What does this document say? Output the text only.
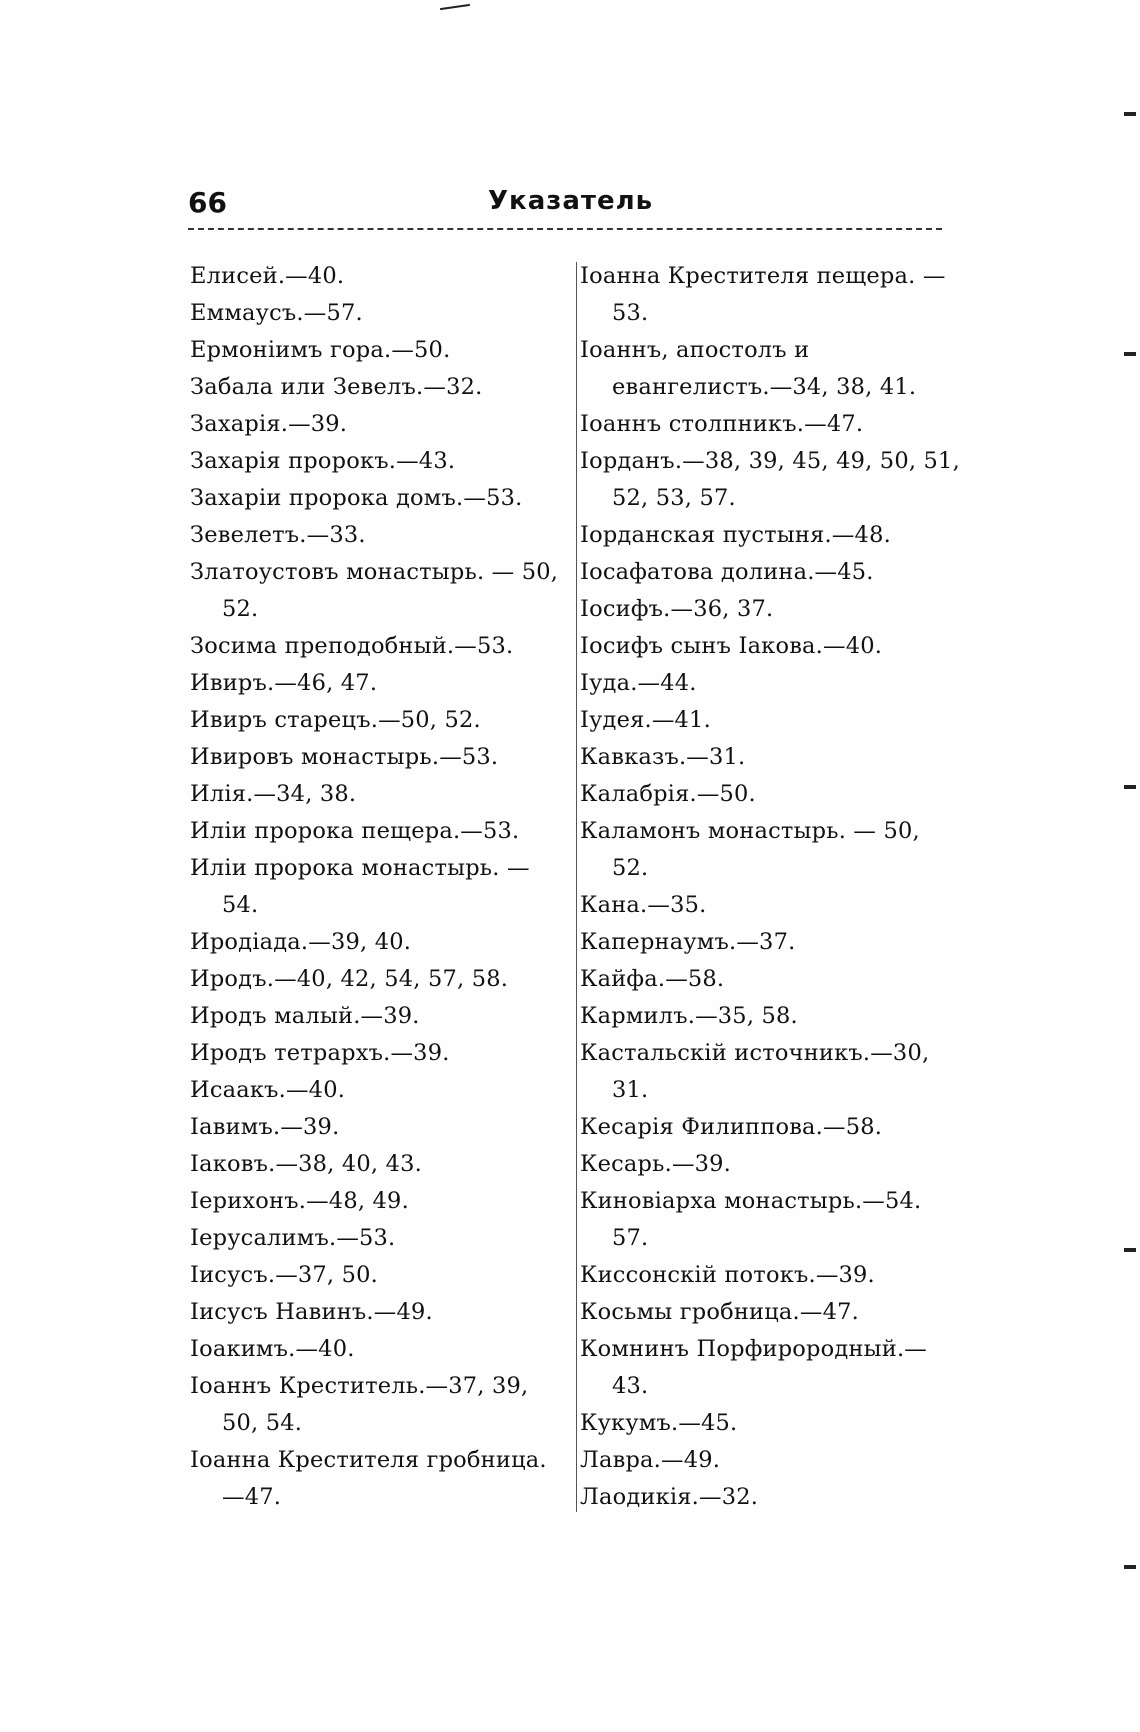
66	Указатель

Елисей.—40.

Еммаусъ.—57.

Ермоніимъ гора.—50.

Забала или Зевелъ.—32.

Захарія.—39.

Захарія пророкъ.—43.

Захаріи пророка домъ.—53.

Зевелетъ.—33.

Златоустовъ монастырь. — 50, 52.

Зосима преподобный.—53.

Ивиръ.—46, 47.

Ивиръ старецъ.—50, 52.

Ивировъ монастырь.—53.

Илія.—34, 38.

Иліи пророка пещера.—53.

Иліи пророка монастырь. — 54.

Иродіада.—39, 40.

Иродъ.—40, 42, 54, 57, 58.

Иродъ малый.—39.

Иродъ тетрархъ.—39.

Исаакъ.—40.

Іавимъ.—39.

Іаковъ.—38, 40, 43.

Іерихонъ.—48, 49.

Іерусалимъ.—53.

Іисусъ.—37, 50.

Іисусъ Навинъ.—49.

Іоакимъ.—40.

Іоаннъ Креститель.—37, 39, 50, 54.

Іоанна Крестителя гробница. —47.

Іоанна Крестителя пещера. —53.

Іоаннъ, апостолъ и евангелистъ.—34, 38, 41.

Іоаннъ столпникъ.—47.

Іорданъ.—38, 39, 45, 49, 50, 51, 52, 53, 57.

Іорданская пустыня.—48.

Іосафатова долина.—45.

Іосифъ.—36, 37.

Іосифъ сынъ Іакова.—40.

Іуда.—44.

Іудея.—41.

Кавказъ.—31.

Калабрія.—50.

Каламонъ монастырь. — 50, 52.

Кана.—35.

Капернаумъ.—37.

Кайфа.—58.

Кармилъ.—35, 58.

Кастальскій источникъ.—30, 31.

Кесарія Филиппова.—58.

Кесарь.—39.

Киновіарха монастырь.—54. 57.

Киссонскій потокъ.—39.

Косьмы гробница.—47.

Комнинъ Порфирородный.— 43.

Кукумъ.—45.

Лавра.—49.

Лаодикія.—32.
